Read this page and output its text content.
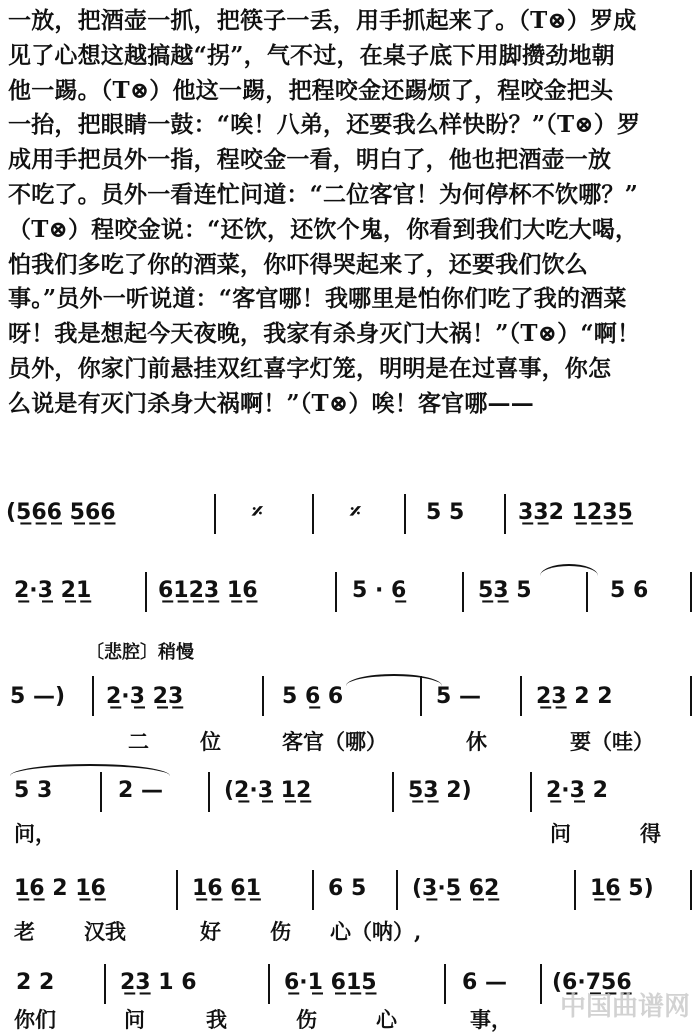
一放，把酒壶一抓，把筷子一丢，用手抓起来了。（T⊗）罗成
见了心想这越搞越“拐”，气不过，在桌子底下用脚攒劲地朝
他一踢。（T⊗）他这一踢，把程咬金还踢烦了，程咬金把头
一抬，把眼睛一鼓：“唉！八弟，还要我么样快盼？”（T⊗）罗
成用手把员外一指，程咬金一看，明白了，他也把酒壶一放
不吃了。员外一看连忙问道：“二位客官！为何停杯不饮哪？”
（T⊗）程咬金说：“还饮，还饮个鬼，你看到我们大吃大喝，
怕我们多吃了你的酒菜，你吓得哭起来了，还要我们饮么
事。”员外一听说道：“客官哪！我哪里是怕你们吃了我的酒菜
呀！我是想起今天夜晚，我家有杀身灭门大祸！”（T⊗）“啊！
员外，你家门前悬挂双红喜字灯笼，明明是在过喜事，你怎
么说是有灭门杀身大祸啊！”（T⊗）唉！客官哪——
(5̲6̲6̲ 5̲6̲6̲	𝄎	𝄎	5 5 3̲3̲2 1̲2̲3̲5̲
2̲·3̲ 2̲1̲	6̲1̲2̲3̲ 1̲6̲	5 · 6̲	5̲3̲ 5	5 6
〔悲腔〕稍慢
5 —) 2̲·3̲ 2̲3̲	5 6̲ 6	5 —	2̲3̲ 2 2
二 位	客官（哪）	休	要（哇）
5 3	2 —	(2̲·3̲ 1̲2̲	5̲3̲ 2)	2̲·3̲ 2
问，	问	得
1̲6̲ 2 1̲6̲	1̲6̲ 6̲1̲	6 5 (3̲·5̲ 6̲2̲	1̲6̲ 5)
老 汉我	好 伤 心（呐）,
2 2	2̲3̲ 1 6	6̲·1̲ 6̲1̲5̲	6 — (6̲·7̲5̲6̲
你们	问	我	伤	心	事， 中国曲谱网
